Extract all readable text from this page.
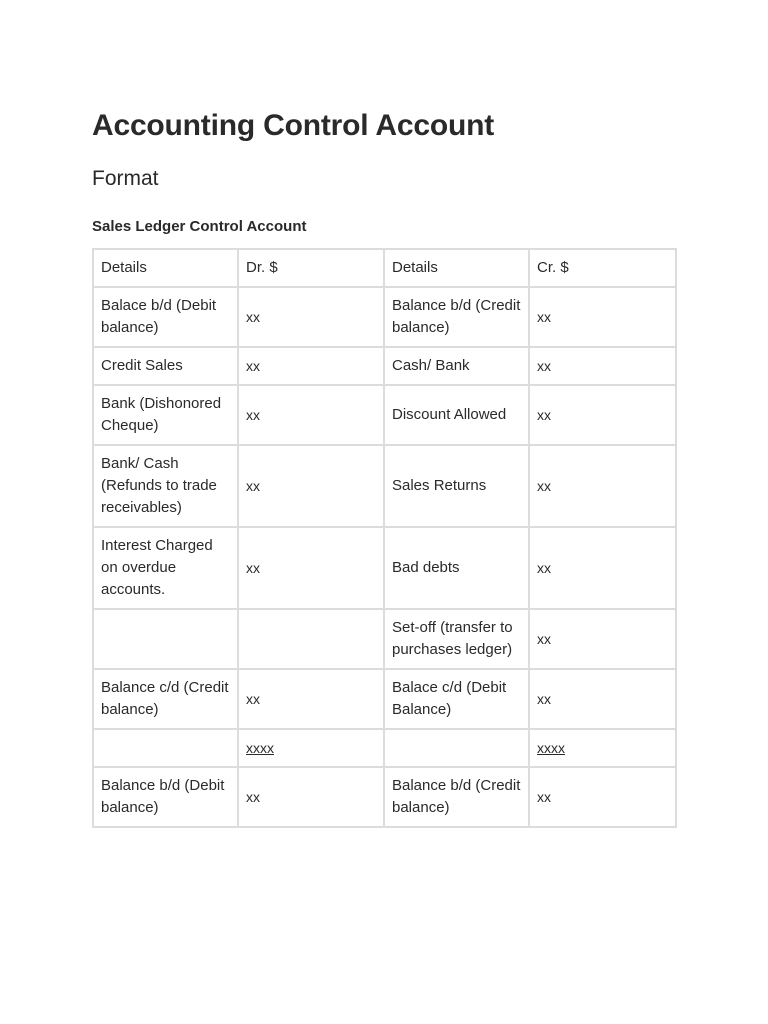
Accounting Control Account
Format
Sales Ledger Control Account
Details	Dr. $	Details	Cr. $
Balace b/d (Debit balance)	xx	Balance b/d (Credit balance)	xx
Credit Sales	xx	Cash/ Bank	xx
Bank (Dishonored Cheque)	xx	Discount Allowed	xx
Bank/ Cash (Refunds to trade receivables)	xx	Sales Returns	xx
Interest Charged on overdue accounts.	xx	Bad debts	xx
		Set-off (transfer to purchases ledger)	xx
Balance c/d (Credit balance)	xx	Balace c/d (Debit Balance)	xx
	xxxx		xxxx
Balance b/d (Debit balance)	xx	Balance b/d (Credit balance)	xx
